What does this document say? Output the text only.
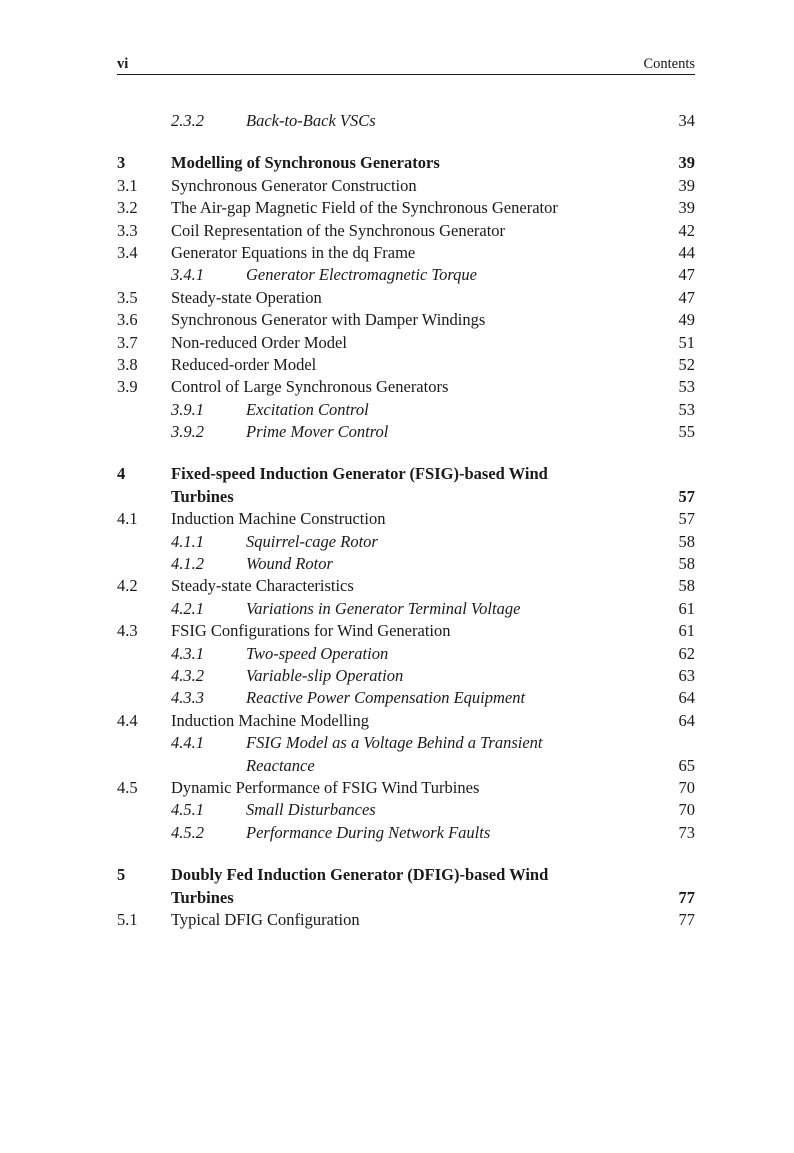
vi	Contents
2.3.2	Back-to-Back VSCs	34
3	Modelling of Synchronous Generators	39
3.1 Synchronous Generator Construction	39
3.2 The Air-gap Magnetic Field of the Synchronous Generator	39
3.3 Coil Representation of the Synchronous Generator	42
3.4 Generator Equations in the dq Frame	44
3.4.1	Generator Electromagnetic Torque	47
3.5 Steady-state Operation	47
3.6 Synchronous Generator with Damper Windings	49
3.7 Non-reduced Order Model	51
3.8 Reduced-order Model	52
3.9 Control of Large Synchronous Generators	53
3.9.1	Excitation Control	53
3.9.2	Prime Mover Control	55
4	Fixed-speed Induction Generator (FSIG)-based Wind
Turbines	57
4.1 Induction Machine Construction	57
4.1.1	Squirrel-cage Rotor	58
4.1.2	Wound Rotor	58
4.2 Steady-state Characteristics	58
4.2.1	Variations in Generator Terminal Voltage	61
4.3 FSIG Configurations for Wind Generation	61
4.3.1	Two-speed Operation	62
4.3.2	Variable-slip Operation	63
4.3.3	Reactive Power Compensation Equipment	64
4.4 Induction Machine Modelling	64
4.4.1	FSIG Model as a Voltage Behind a Transient
Reactance	65
4.5 Dynamic Performance of FSIG Wind Turbines	70
4.5.1	Small Disturbances	70
4.5.2	Performance During Network Faults	73
5	Doubly Fed Induction Generator (DFIG)-based Wind
Turbines	77
5.1 Typical DFIG Configuration	77
